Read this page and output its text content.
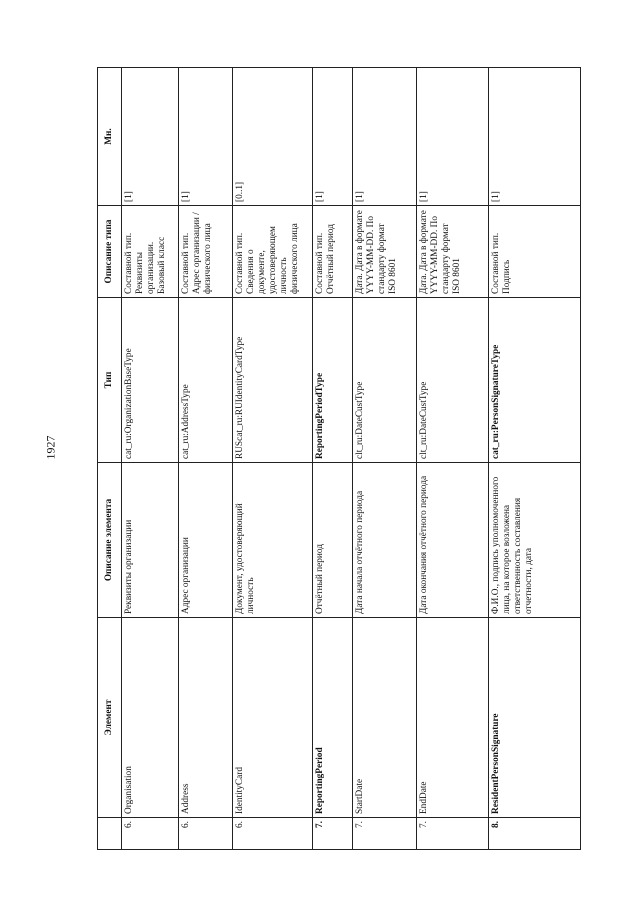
1927
	Элемент	Описание элемента	Тип	Описание типа	Мн.
6.	Organisation	Реквизиты организации	cat_ru:OrganizationBaseType	Составной тип. Реквизиты организации. Базовый класс	[1]
6.	Address	Адрес организации	cat_ru:AddressType	Составной тип. Адрес организации / физического лица	[1]
6.	IdentityCard	Документ, удостоверяющий личность	RUScat_ru:RUIdentityCardType	Составной тип. Сведения о документе, удостоверяющем личность физического лица	[0..1]
7.	ReportingPeriod	Отчётный период	ReportingPeriodType	Составной тип. Отчётный период	[1]
7.	StartDate	Дата начала отчётного периода	clt_ru:DateCustType	Дата. Дата в формате YYYY-MM-DD. По стандарту формат ISO 8601	[1]
7.	EndDate	Дата окончания отчётного периода	clt_ru:DateCustType	Дата. Дата в формате YYYY-MM-DD. По стандарту формат ISO 8601	[1]
8.	ResidentPersonSignature	Ф.И.О., подпись уполномоченного лица, на которое возложена ответственность составления отчетности, дата	cat_ru:PersonSignatureType	Составной тип. Подпись	[1]
